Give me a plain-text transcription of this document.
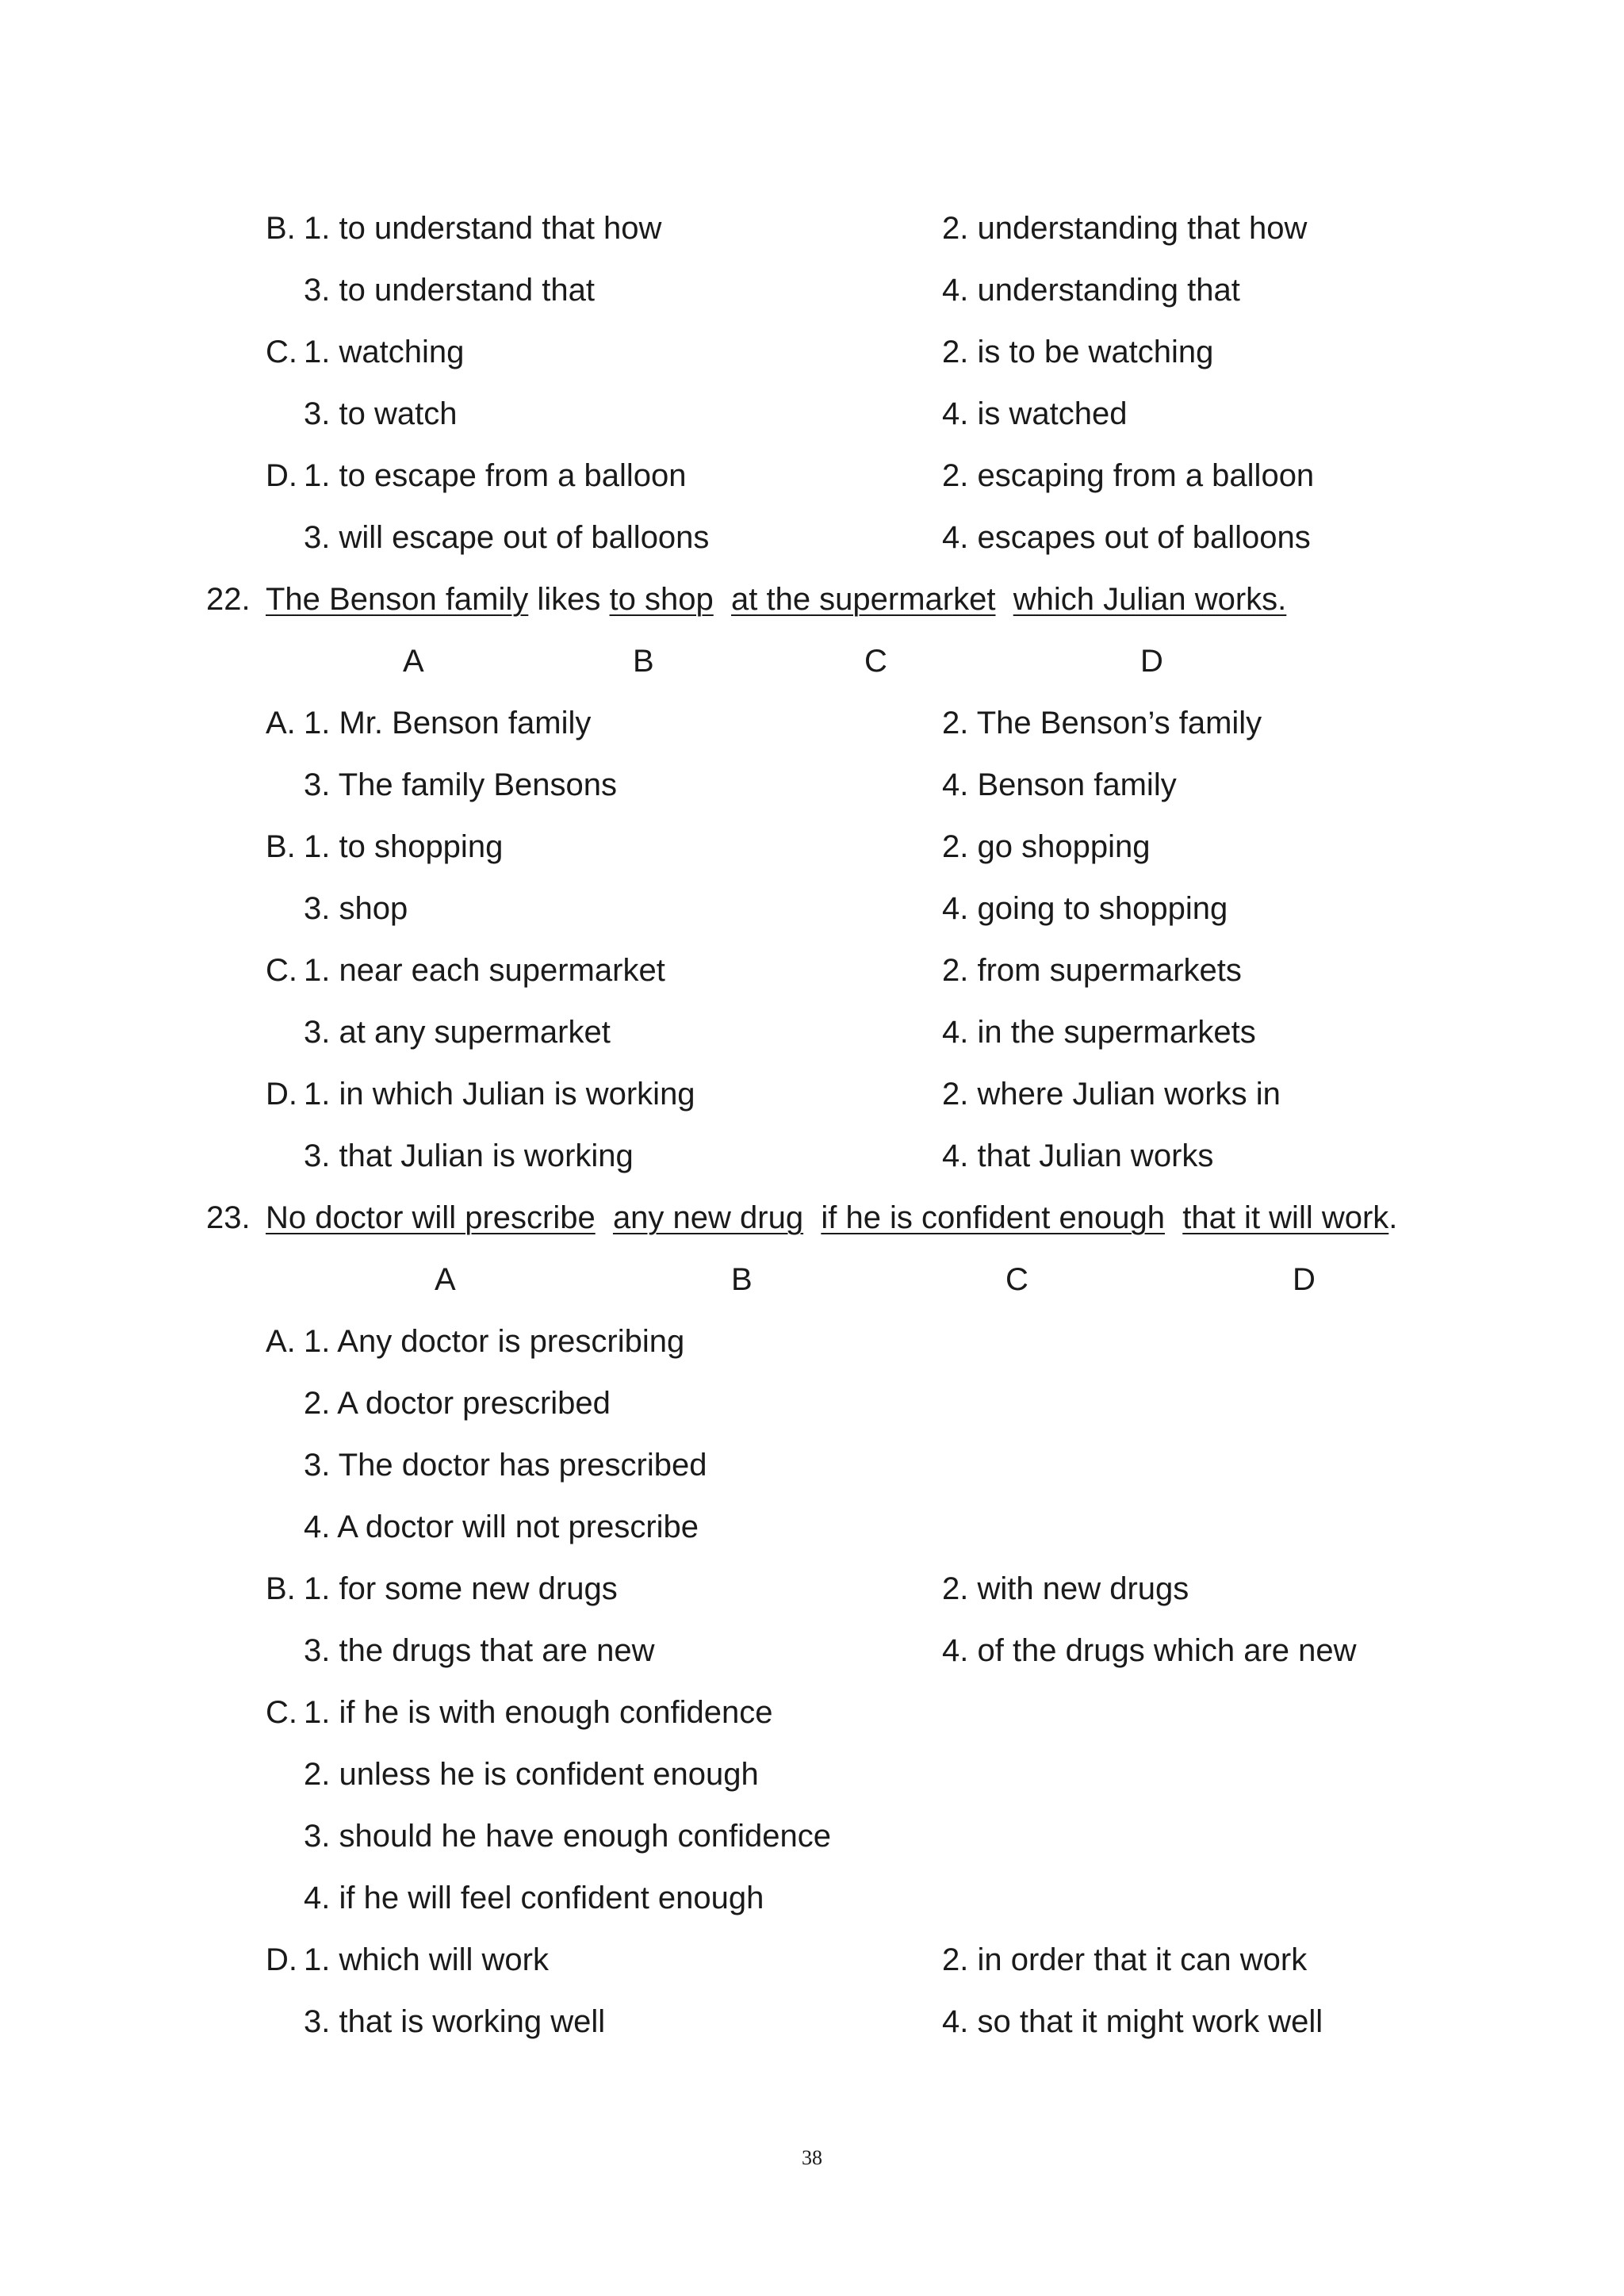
B. 1. to understand that how	2. understanding that how
3. to understand that	4. understanding that
C. 1. watching	2. is to be watching
3. to watch	4. is watched
D. 1. to escape from a balloon	2. escaping from a balloon
3. will escape out of balloons	4. escapes out of balloons
22. The Benson family likes to shop at the supermarket which Julian works.
A	B	C	D
A. 1. Mr. Benson family	2. The Benson’s family
3. The family Bensons	4. Benson family
B. 1. to shopping	2. go shopping
3. shop	4. going to shopping
C. 1. near each supermarket	2. from supermarkets
3. at any supermarket	4. in the supermarkets
D. 1. in which Julian is working	2. where Julian works in
3. that Julian is working	4. that Julian works
23. No doctor will prescribe any new drug if he is confident enough that it will work.
A	B	C	D
A. 1. Any doctor is prescribing
2. A doctor prescribed
3. The doctor has prescribed
4. A doctor will not prescribe
B. 1. for some new drugs	2. with new drugs
3. the drugs that are new	4. of the drugs which are new
C. 1. if he is with enough confidence
2. unless he is confident enough
3. should he have enough confidence
4. if he will feel confident enough
D. 1. which will work	2. in order that it can work
3. that is working well	4. so that it might work well
38
